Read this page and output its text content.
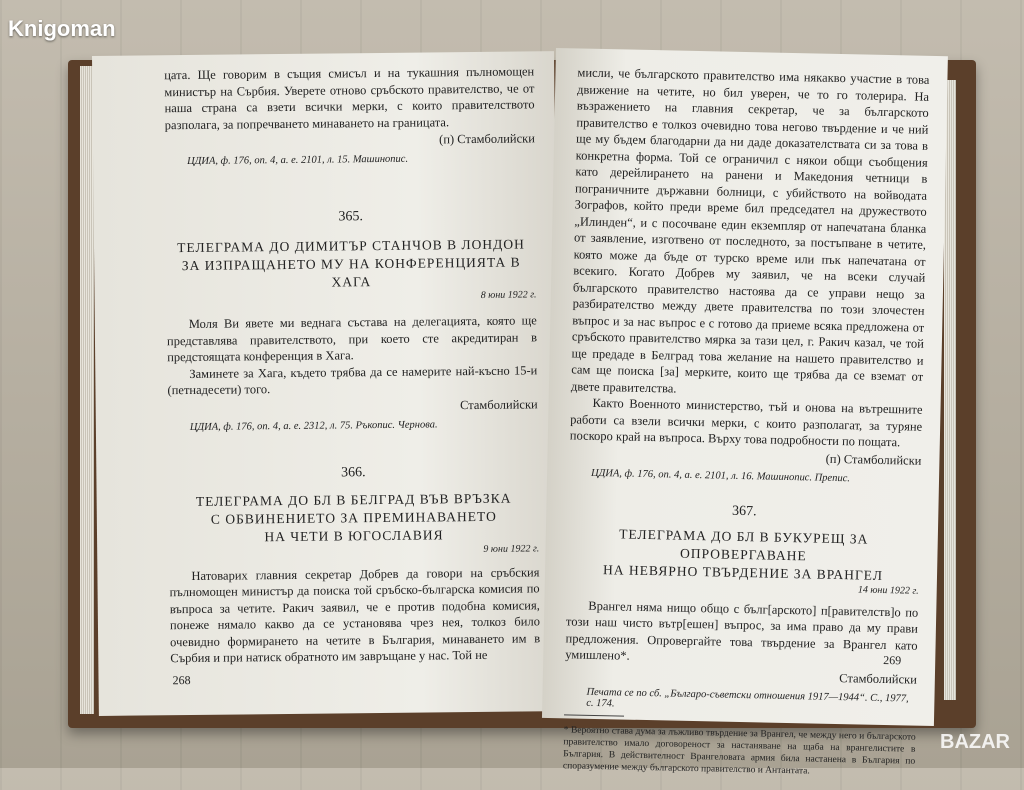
Knigoman

цата. Ще говорим в същия смисъл и на тукашния пълномощен министър на Сърбия. Уверете отново сръбското правителство, че от наша страна са взети всички мерки, с които правителството разполага, за попречването минаването на границата.

(п) Стамболийски

ЦДИА, ф. 176, оп. 4, а. е. 2101, л. 15. Машинопис.

365.

ТЕЛЕГРАМА ДО ДИМИТЪР СТАНЧОВ В ЛОНДОН

ЗА ИЗПРАЩАНЕТО МУ НА КОНФЕРЕНЦИЯТА В ХАГА

8 юни 1922 г.

Моля Ви явете ми веднага състава на делегацията, която ще представлява правителството, при което сте акредитиран в предстоящата конференция в Хага.

Заминете за Хага, където трябва да се намерите най-късно 15-и (петнадесети) того.

Стамболийски

ЦДИА, ф. 176, оп. 4, а. е. 2312, л. 75. Ръкопис. Чернова.

366.

ТЕЛЕГРАМА ДО БЛ В БЕЛГРАД ВЪВ ВРЪЗКА

С ОБВИНЕНИЕТО ЗА ПРЕМИНАВАНЕТО

НА ЧЕТИ В ЮГОСЛАВИЯ

9 юни 1922 г.

Натоварих главния секретар Добрев да говори на сръбския пълномощен министър да поиска той сръбско-българска комисия по въпроса за четите. Ракич заявил, че е против подобна комисия, понеже нямало какво да се установява чрез нея, толкоз било очевидно формирането на четите в България, минаването им в Сърбия и при натиск обратното им завръщане у нас. Той не

268

мисли, че българското правителство има някакво участие в това движение на четите, но бил уверен, че то го толерира. На възражението на главния секретар, че за българското правителство е толкоз очевидно това негово твърдение и че ний ще му бъдем благодарни да ни даде доказателствата си за това в конкретна форма. Той се ограничил с някои общи съобщения като дерейлирането на ранени и Македония четници в пограничните държавни болници, с убийството на войводата Зографов, който преди време бил председател на дружеството „Илинден“, и с посочване един екземпляр от напечатана бланка от заявление, изготвено от последното, за постъпване в четите, която може да бъде от турско време или пък напечатана от всекиго. Когато Добрев му заявил, че на всеки случай българското правителство настоява да се управи нещо за разбирателство между двете правителства по този злочестен въпрос и за нас въпрос е с готово да приеме всяка предложена от сръбското правителство мярка за тази цел, г. Ракич казал, че той ще предаде в Белград това желание на нашето правителство и сам ще поиска [за] мерките, които ще трябва да се вземат от двете правителства.

Както Военното министерство, тъй и онова на вътрешните работи са взели всички мерки, с които разполагат, за туряне поскоро край на въпроса. Върху това подробности по пощата.

(п) Стамболийски

ЦДИА, ф. 176, оп. 4, а. е. 2101, л. 16. Машинопис. Препис.

367.

ТЕЛЕГРАМА ДО БЛ В БУКУРЕЩ ЗА ОПРОВЕРГАВАНЕ

НА НЕВЯРНО ТВЪРДЕНИЕ ЗА ВРАНГЕЛ

14 юни 1922 г.

Врангел няма нищо общо с бълг[арското] п[равителств]о по този наш чисто вътр[ешен] въпрос, за има право да му прави предложения. Опровергайте това твърдение за Врангел като умишлено*.

Стамболийски

Печата се по сб. „Българо-съветски отношения 1917—1944“. С., 1977, с. 174.

* Вероятно става дума за лъжливо твърдение за Врангел, че между него и българското правителство имало договореност за настаняване на щаба на врангелистите в България. В действителност Врангеловата армия била настанена в България по споразумение между българското правителство и Антантата.

269
BAZAR
